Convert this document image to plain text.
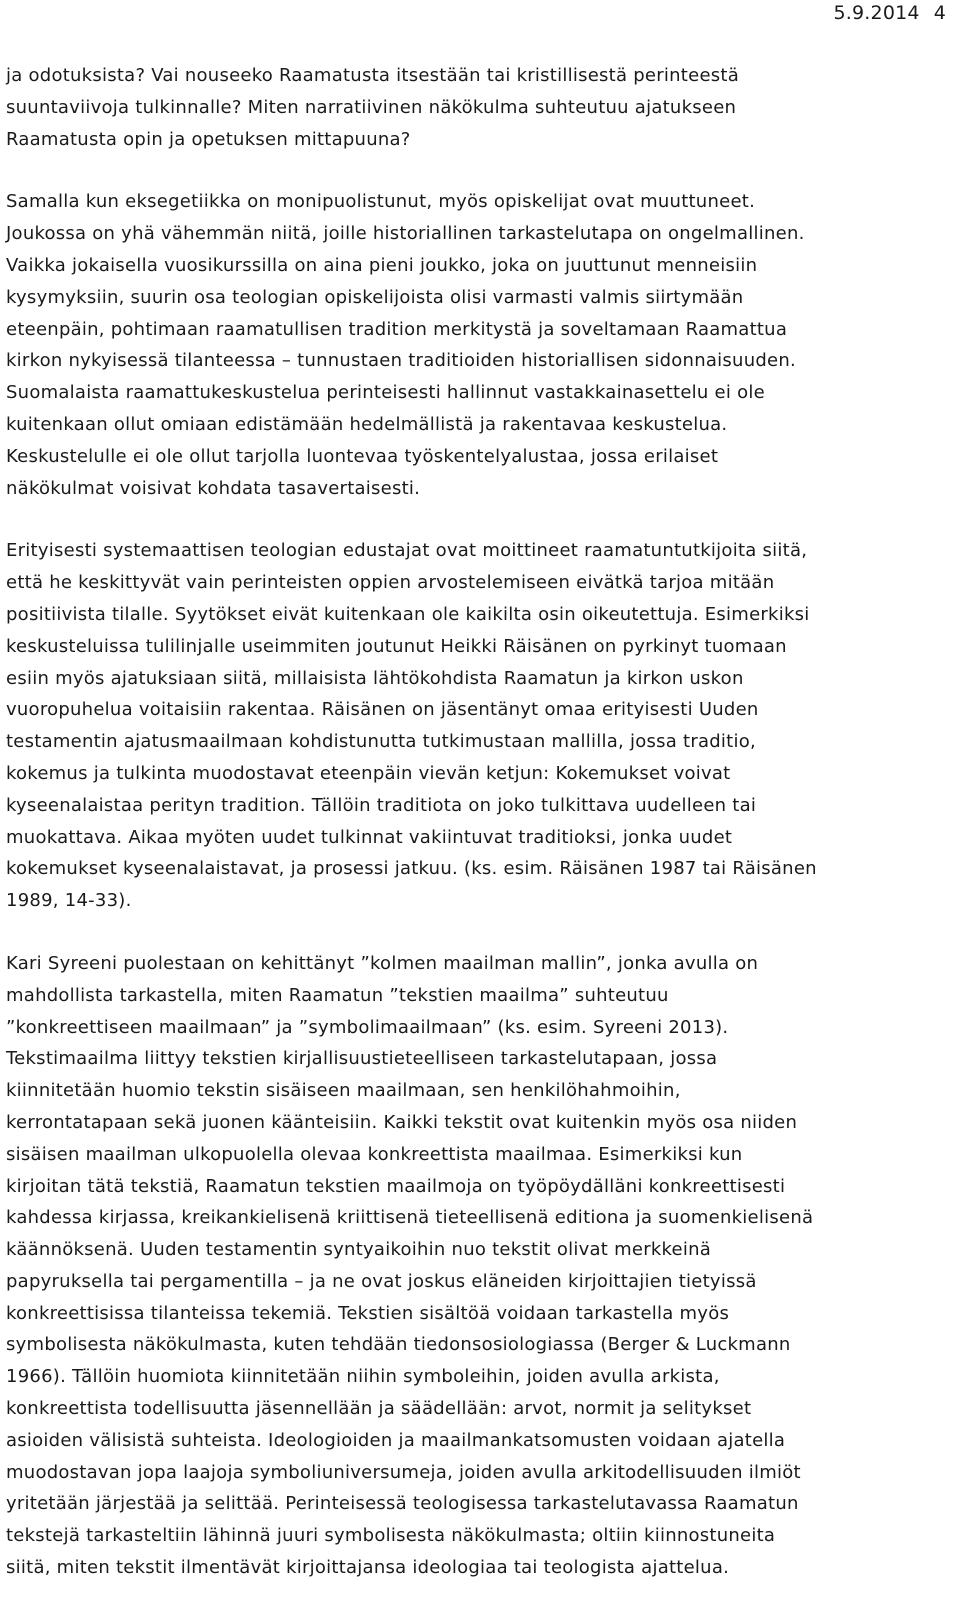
5.9.2014 4
ja odotuksista? Vai nouseeko Raamatusta itsestään tai kristillisestä perinteestä
suuntaviivoja tulkinnalle? Miten narratiivinen näkökulma suhteutuu ajatukseen
Raamatusta opin ja opetuksen mittapuuna?
Samalla kun eksegetiikka on monipuolistunut, myös opiskelijat ovat muuttuneet.
Joukossa on yhä vähemmän niitä, joille historiallinen tarkastelutapa on ongelmallinen.
Vaikka jokaisella vuosikurssilla on aina pieni joukko, joka on juuttunut menneisiin
kysymyksiin, suurin osa teologian opiskelijoista olisi varmasti valmis siirtymään
eteenpäin, pohtimaan raamatullisen tradition merkitystä ja soveltamaan Raamattua
kirkon nykyisessä tilanteessa – tunnustaen traditioiden historiallisen sidonnaisuuden.
Suomalaista raamattukeskustelua perinteisesti hallinnut vastakkainasettelu ei ole
kuitenkaan ollut omiaan edistämään hedelmällistä ja rakentavaa keskustelua.
Keskustelulle ei ole ollut tarjolla luontevaa työskentelyalustaa, jossa erilaiset
näkökulmat voisivat kohdata tasavertaisesti.
Erityisesti systemaattisen teologian edustajat ovat moittineet raamatuntutkijoita siitä,
että he keskittyvät vain perinteisten oppien arvostelemiseen eivätkä tarjoa mitään
positiivista tilalle. Syytökset eivät kuitenkaan ole kaikilta osin oikeutettuja. Esimerkiksi
keskusteluissa tulilinjalle useimmiten joutunut Heikki Räisänen on pyrkinyt tuomaan
esiin myös ajatuksiaan siitä, millaisista lähtökohdista Raamatun ja kirkon uskon
vuoropuhelua voitaisiin rakentaa. Räisänen on jäsentänyt omaa erityisesti Uuden
testamentin ajatusmaailmaan kohdistunutta tutkimustaan mallilla, jossa traditio,
kokemus ja tulkinta muodostavat eteenpäin vievän ketjun: Kokemukset voivat
kyseenalaistaa perityn tradition. Tällöin traditiota on joko tulkittava uudelleen tai
muokattava. Aikaa myöten uudet tulkinnat vakiintuvat traditioksi, jonka uudet
kokemukset kyseenalaistavat, ja prosessi jatkuu. (ks. esim. Räisänen 1987 tai Räisänen
1989, 14-33).
Kari Syreeni puolestaan on kehittänyt ”kolmen maailman mallin”, jonka avulla on
mahdollista tarkastella, miten Raamatun ”tekstien maailma” suhteutuu
”konkreettiseen maailmaan” ja ”symbolimaailmaan” (ks. esim. Syreeni 2013).
Tekstimaailma liittyy tekstien kirjallisuustieteelliseen tarkastelutapaan, jossa
kiinnitetään huomio tekstin sisäiseen maailmaan, sen henkilöhahmoihin,
kerrontatapaan sekä juonen käänteisiin. Kaikki tekstit ovat kuitenkin myös osa niiden
sisäisen maailman ulkopuolella olevaa konkreettista maailmaa. Esimerkiksi kun
kirjoitan tätä tekstiä, Raamatun tekstien maailmoja on työpöydälläni konkreettisesti
kahdessa kirjassa, kreikankielisenä kriittisenä tieteellisenä editiona ja suomenkielisenä
käännöksenä. Uuden testamentin syntyaikoihin nuo tekstit olivat merkkeinä
papyruksella tai pergamentilla – ja ne ovat joskus eläneiden kirjoittajien tietyissä
konkreettisissa tilanteissa tekemiä. Tekstien sisältöä voidaan tarkastella myös
symbolisesta näkökulmasta, kuten tehdään tiedonsosiologiassa (Berger & Luckmann
1966). Tällöin huomiota kiinnitetään niihin symboleihin, joiden avulla arkista,
konkreettista todellisuutta jäsennellään ja säädellään: arvot, normit ja selitykset
asioiden välisistä suhteista. Ideologioiden ja maailmankatsomusten voidaan ajatella
muodostavan jopa laajoja symboliuniversumeja, joiden avulla arkitodellisuuden ilmiöt
yritetään järjestää ja selittää. Perinteisessä teologisessa tarkastelutavassa Raamatun
tekstejä tarkasteltiin lähinnä juuri symbolisesta näkökulmasta; oltiin kiinnostuneita
siitä, miten tekstit ilmentävät kirjoittajansa ideologiaa tai teologista ajattelua.
